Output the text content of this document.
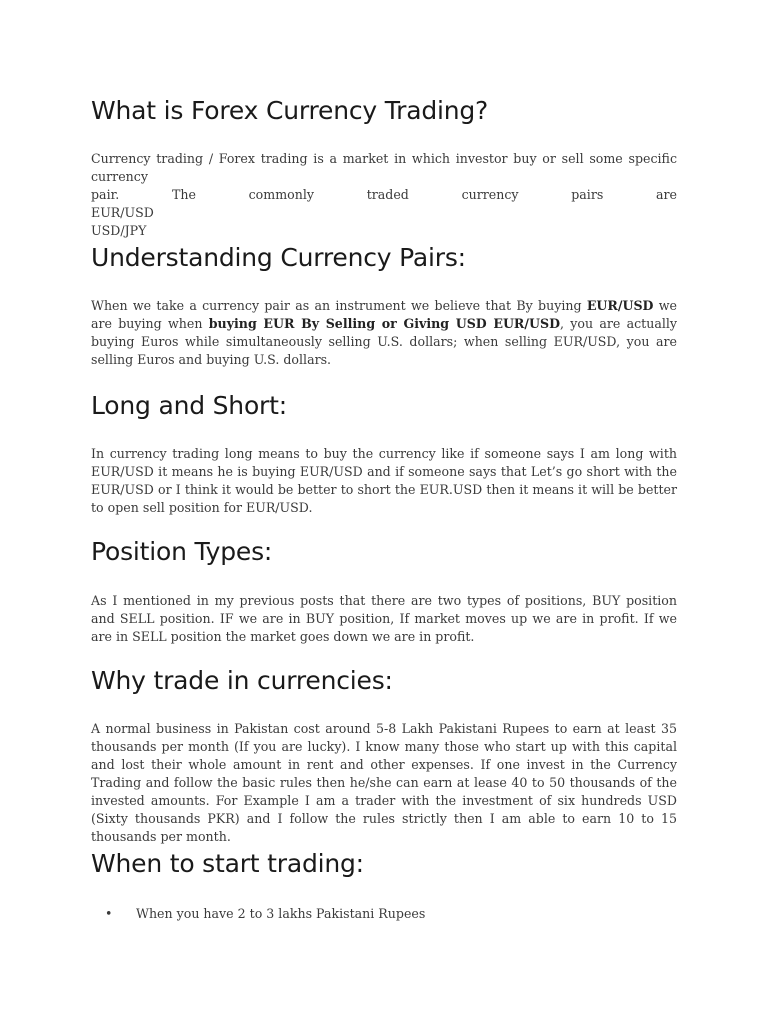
What is Forex Currency Trading?

Currency trading / Forex trading is a market in which investor buy or sell some specific currency
pair. The commonly traded currency pairs are
EUR/USD
USD/JPY

Understanding Currency Pairs:

When we take a currency pair as an instrument we believe that By buying EUR/USD we are buying when buying EUR By Selling or Giving USD EUR/USD, you are actually buying Euros while simultaneously selling U.S. dollars; when selling EUR/USD, you are selling Euros and buying U.S. dollars.

Long and Short:

In currency trading long means to buy the currency like if someone says I am long with EUR/USD it means he is buying EUR/USD and if someone says that Let’s go short with the EUR/USD or I think it would be better to short the EUR.USD then it means it will be better to open sell position for EUR/USD.

Position Types:

As I mentioned in my previous posts that there are two types of positions, BUY position and SELL position. IF we are in BUY position, If market moves up we are in profit. If we are in SELL position the market goes down we are in profit.

Why trade in currencies:

A normal business in Pakistan cost around 5-8 Lakh Pakistani Rupees to earn at least 35 thousands per month (If you are lucky). I know many those who start up with this capital and lost their whole amount in rent and other expenses. If one invest in the Currency Trading and follow the basic rules then he/she can earn at lease 40 to 50 thousands of the invested amounts. For Example I am a trader with the investment of six hundreds USD (Sixty thousands PKR) and I follow the rules strictly then I am able to earn 10 to 15 thousands per month.

When to start trading:
• When you have 2 to 3 lakhs Pakistani Rupees
